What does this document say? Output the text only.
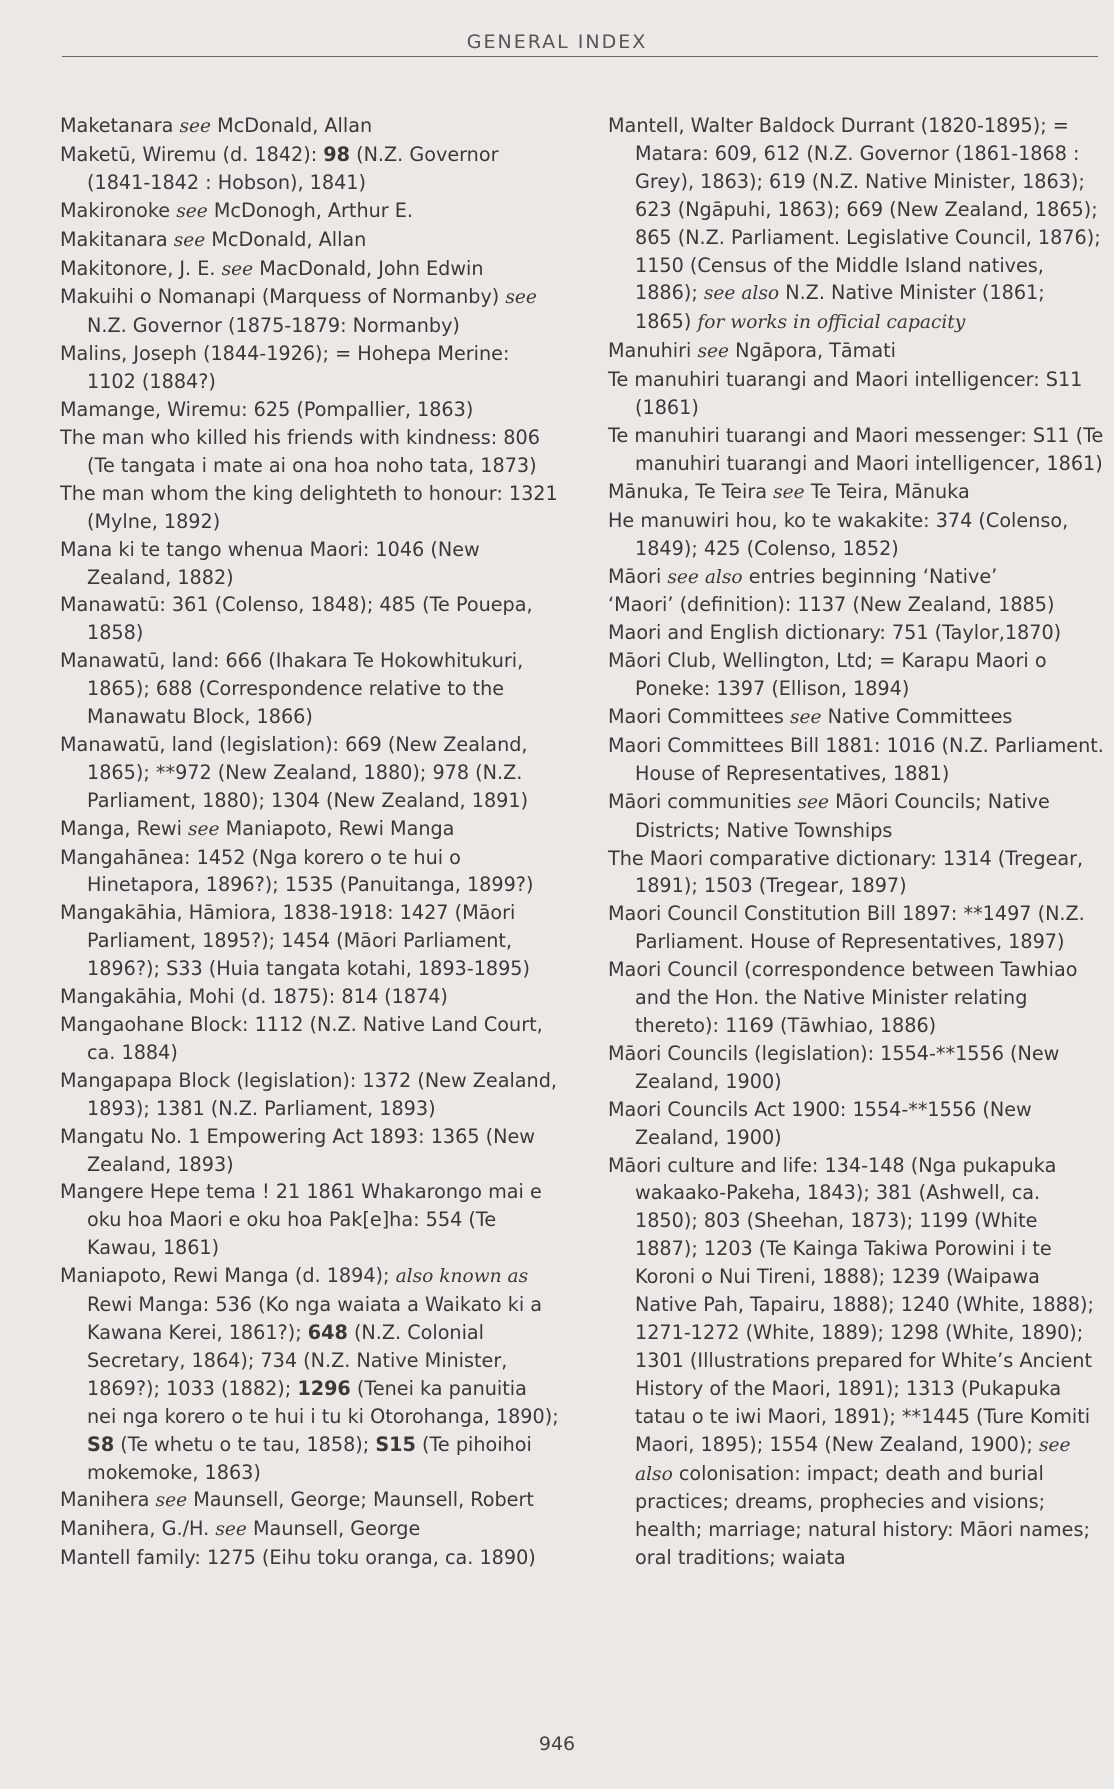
GENERAL INDEX
Maketanara see McDonald, Allan
Maketū, Wiremu (d. 1842): 98 (N.Z. Governor (1841-1842 : Hobson), 1841)
Makironoke see McDonogh, Arthur E.
Makitanara see McDonald, Allan
Makitonore, J. E. see MacDonald, John Edwin
Makuihi o Nomanapi (Marquess of Normanby) see N.Z. Governor (1875-1879: Normanby)
Malins, Joseph (1844-1926); = Hohepa Merine: 1102 (1884?)
Mamange, Wiremu: 625 (Pompallier, 1863)
The man who killed his friends with kindness: 806 (Te tangata i mate ai ona hoa noho tata, 1873)
The man whom the king delighteth to honour: 1321 (Mylne, 1892)
Mana ki te tango whenua Maori: 1046 (New Zealand, 1882)
Manawatū: 361 (Colenso, 1848); 485 (Te Pouepa, 1858)
Manawatū, land: 666 (Ihakara Te Hokowhitukuri, 1865); 688 (Correspondence relative to the Manawatu Block, 1866)
Manawatū, land (legislation): 669 (New Zealand, 1865); **972 (New Zealand, 1880); 978 (N.Z. Parliament, 1880); 1304 (New Zealand, 1891)
Manga, Rewi see Maniapoto, Rewi Manga
Mangahānea: 1452 (Nga korero o te hui o Hinetapora, 1896?); 1535 (Panuitanga, 1899?)
Mangakāhia, Hāmiora, 1838-1918: 1427 (Māori Parliament, 1895?); 1454 (Māori Parliament, 1896?); S33 (Huia tangata kotahi, 1893-1895)
Mangakāhia, Mohi (d. 1875): 814 (1874)
Mangaohane Block: 1112 (N.Z. Native Land Court, ca. 1884)
Mangapapa Block (legislation): 1372 (New Zealand, 1893); 1381 (N.Z. Parliament, 1893)
Mangatu No. 1 Empowering Act 1893: 1365 (New Zealand, 1893)
Mangere Hepe tema ! 21 1861 Whakarongo mai e oku hoa Maori e oku hoa Pak[e]ha: 554 (Te Kawau, 1861)
Maniapoto, Rewi Manga (d. 1894); also known as Rewi Manga: 536 (Ko nga waiata a Waikato ki a Kawana Kerei, 1861?); 648 (N.Z. Colonial Secretary, 1864); 734 (N.Z. Native Minister, 1869?); 1033 (1882); 1296 (Tenei ka panuitia nei nga korero o te hui i tu ki Otorohanga, 1890); S8 (Te whetu o te tau, 1858); S15 (Te pihoihoi mokemoke, 1863)
Manihera see Maunsell, George; Maunsell, Robert
Manihera, G./H. see Maunsell, George
Mantell family: 1275 (Eihu toku oranga, ca. 1890)
Mantell, Walter Baldock Durrant (1820-1895); = Matara: 609, 612 (N.Z. Governor (1861-1868 : Grey), 1863); 619 (N.Z. Native Minister, 1863); 623 (Ngāpuhi, 1863); 669 (New Zealand, 1865); 865 (N.Z. Parliament. Legislative Council, 1876); 1150 (Census of the Middle Island natives, 1886); see also N.Z. Native Minister (1861; 1865) for works in official capacity
Manuhiri see Ngāpora, Tāmati
Te manuhiri tuarangi and Maori intelligencer: S11 (1861)
Te manuhiri tuarangi and Maori messenger: S11 (Te manuhiri tuarangi and Maori intelligencer, 1861)
Mānuka, Te Teira see Te Teira, Mānuka
He manuwiri hou, ko te wakakite: 374 (Colenso, 1849); 425 (Colenso, 1852)
Māori see also entries beginning ‘Native’
‘Maori’ (definition): 1137 (New Zealand, 1885)
Maori and English dictionary: 751 (Taylor,1870)
Māori Club, Wellington, Ltd; = Karapu Maori o Poneke: 1397 (Ellison, 1894)
Maori Committees see Native Committees
Maori Committees Bill 1881: 1016 (N.Z. Parliament. House of Representatives, 1881)
Māori communities see Māori Councils; Native Districts; Native Townships
The Maori comparative dictionary: 1314 (Tregear, 1891); 1503 (Tregear, 1897)
Maori Council Constitution Bill 1897: **1497 (N.Z. Parliament. House of Representatives, 1897)
Maori Council (correspondence between Tawhiao and the Hon. the Native Minister relating thereto): 1169 (Tāwhiao, 1886)
Māori Councils (legislation): 1554-**1556 (New Zealand, 1900)
Maori Councils Act 1900: 1554-**1556 (New Zealand, 1900)
Māori culture and life: 134-148 (Nga pukapuka wakaako-Pakeha, 1843); 381 (Ashwell, ca. 1850); 803 (Sheehan, 1873); 1199 (White 1887); 1203 (Te Kainga Takiwa Porowini i te Koroni o Nui Tireni, 1888); 1239 (Waipawa Native Pah, Tapairu, 1888); 1240 (White, 1888); 1271-1272 (White, 1889); 1298 (White, 1890); 1301 (Illustrations prepared for White’s Ancient History of the Maori, 1891); 1313 (Pukapuka tatau o te iwi Maori, 1891); **1445 (Ture Komiti Maori, 1895); 1554 (New Zealand, 1900); see also colonisation: impact; death and burial practices; dreams, prophecies and visions; health; marriage; natural history: Māori names; oral traditions; waiata
946
